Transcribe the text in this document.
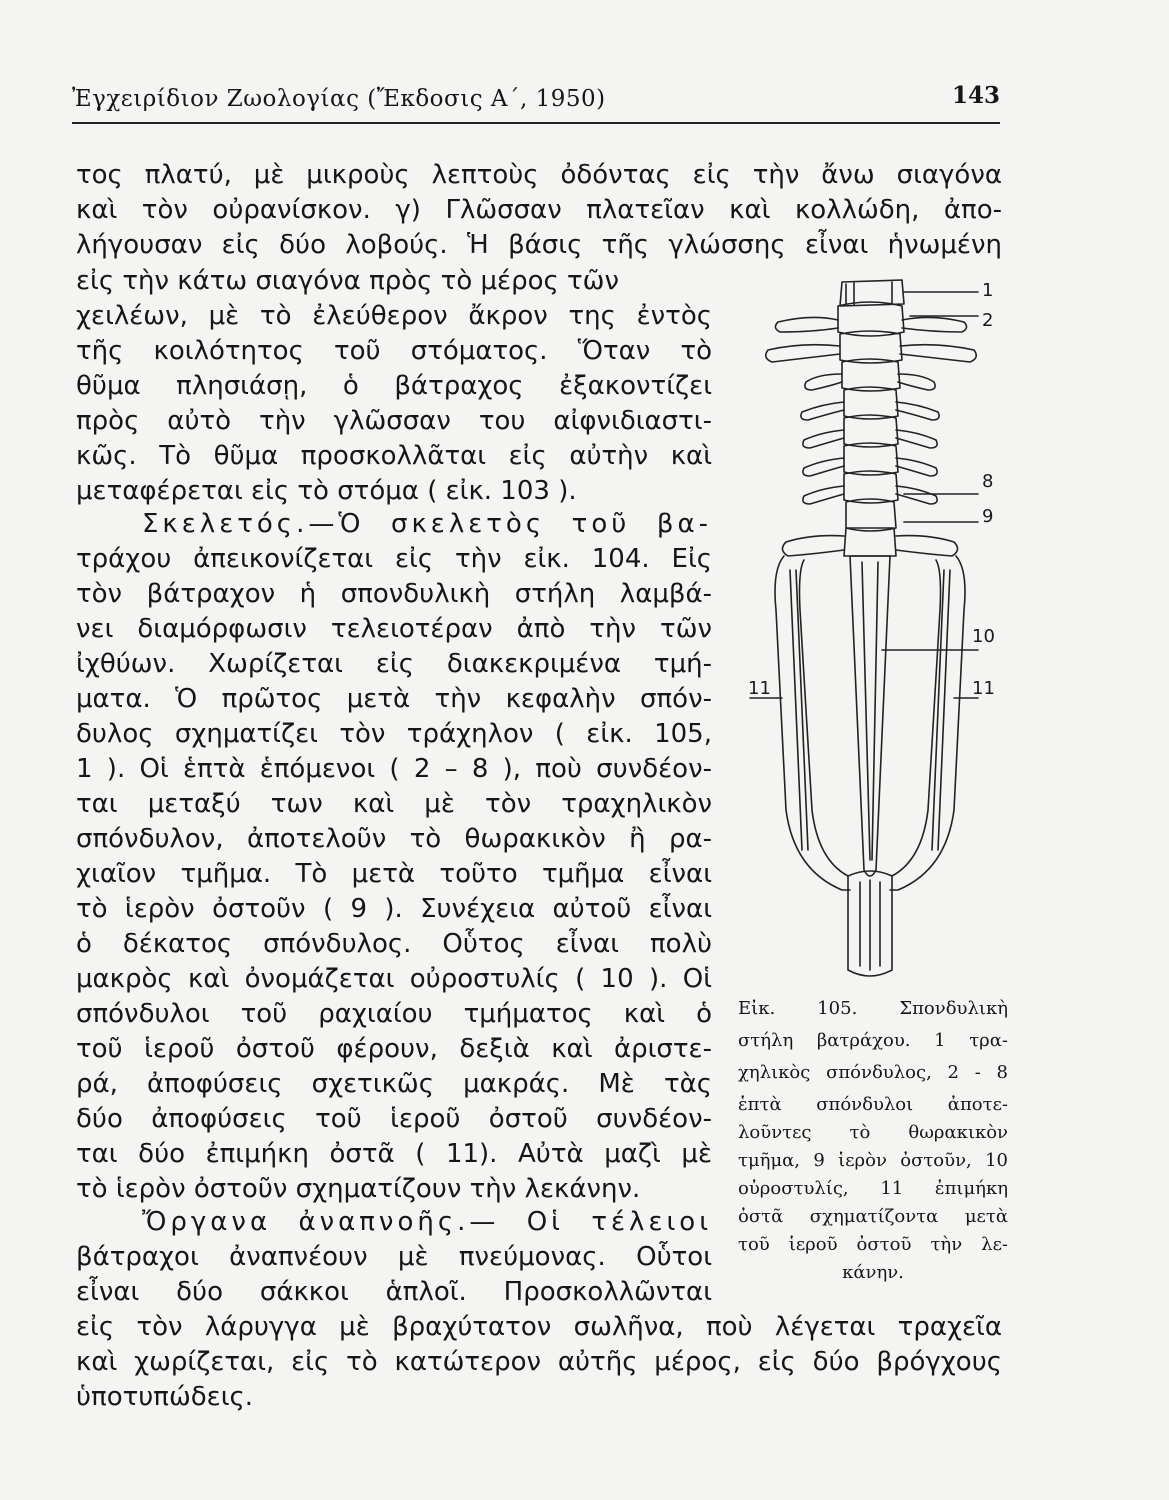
Ἐγχειρίδιον Ζωολογίας (Ἔκδοσις Α΄, 1950)	143
τος πλατύ, μὲ μικροὺς λεπτοὺς ὀδόντας εἰς τὴν ἄνω σιαγόνα
καὶ τὸν οὐρανίσκον. γ) Γλῶσσαν πλατεῖαν καὶ κολλώδη, ἀπο-
λήγουσαν εἰς δύο λοβούς. Ἡ βάσις τῆς γλώσσης εἶναι ἡνωμένη
εἰς τὴν κάτω σιαγόνα πρὸς τὸ μέρος τῶν
χειλέων, μὲ τὸ ἐλεύθερον ἄκρον της ἐντὸς
τῆς κοιλότητος τοῦ στόματος. Ὅταν τὸ
θῦμα πλησιάσῃ, ὁ βάτραχος ἐξακοντίζει
πρὸς αὐτὸ τὴν γλῶσσαν του αἰφνιδιαστι-
κῶς. Τὸ θῦμα προσκολλᾶται εἰς αὐτὴν καὶ
μεταφέρεται εἰς τὸ στόμα ( εἰκ. 103 ).
Σκελετός.—Ὁ σκελετὸς τοῦ βα-
τράχου ἀπεικονίζεται εἰς τὴν εἰκ. 104. Εἰς
τὸν βάτραχον ἡ σπονδυλικὴ στήλη λαμβά-
νει διαμόρφωσιν τελειοτέραν ἀπὸ τὴν τῶν
ἰχθύων. Χωρίζεται εἰς διακεκριμένα τμή-
ματα. Ὁ πρῶτος μετὰ τὴν κεφαλὴν σπόν-
δυλος σχηματίζει τὸν τράχηλον ( εἰκ. 105,
1 ). Οἱ ἑπτὰ ἑπόμενοι ( 2 – 8 ), ποὺ συνδέον-
ται μεταξύ των καὶ μὲ τὸν τραχηλικὸν
σπόνδυλον, ἀποτελοῦν τὸ θωρακικὸν ἢ ρα-
χιαῖον τμῆμα. Τὸ μετὰ τοῦτο τμῆμα εἶναι
τὸ ἱερὸν ὀστοῦν ( 9 ). Συνέχεια αὐτοῦ εἶναι
ὁ δέκατος σπόνδυλος. Οὗτος εἶναι πολὺ
μακρὸς καὶ ὀνομάζεται οὐροστυλίς ( 10 ). Οἱ
σπόνδυλοι τοῦ ραχιαίου τμήματος καὶ ὁ
τοῦ ἱεροῦ ὀστοῦ φέρουν, δεξιὰ καὶ ἀριστε-
ρά, ἀποφύσεις σχετικῶς μακράς. Μὲ τὰς
δύο ἀποφύσεις τοῦ ἱεροῦ ὀστοῦ συνδέον-
ται δύο ἐπιμήκη ὀστᾶ ( 11). Αὐτὰ μαζὶ μὲ
τὸ ἱερὸν ὀστοῦν σχηματίζουν τὴν λεκάνην.
Ὄργανα ἀναπνοῆς.— Οἱ τέλειοι
βάτραχοι ἀναπνέουν μὲ πνεύμονας. Οὗτοι
εἶναι δύο σάκκοι ἁπλοῖ. Προσκολλῶνται
εἰς τὸν λάρυγγα μὲ βραχύτατον σωλῆνα, ποὺ λέγεται τραχεῖα
καὶ χωρίζεται, εἰς τὸ κατώτερον αὐτῆς μέρος, εἰς δύο βρόγχους
ὑποτυπώδεις.
1
2
8
9
10
11	11
Εἰκ. 105. Σπονδυλικὴ
στήλη βατράχου. 1 τρα-
χηλικὸς σπόνδυλος, 2 - 8
ἑπτὰ σπόνδυλοι ἀποτε-
λοῦντες τὸ θωρακικὸν
τμῆμα, 9 ἱερὸν ὀστοῦν, 10
οὐροστυλίς, 11 ἐπιμήκη
ὀστᾶ σχηματίζοντα μετὰ
τοῦ ἱεροῦ ὀστοῦ τὴν λε-
κάνην.
